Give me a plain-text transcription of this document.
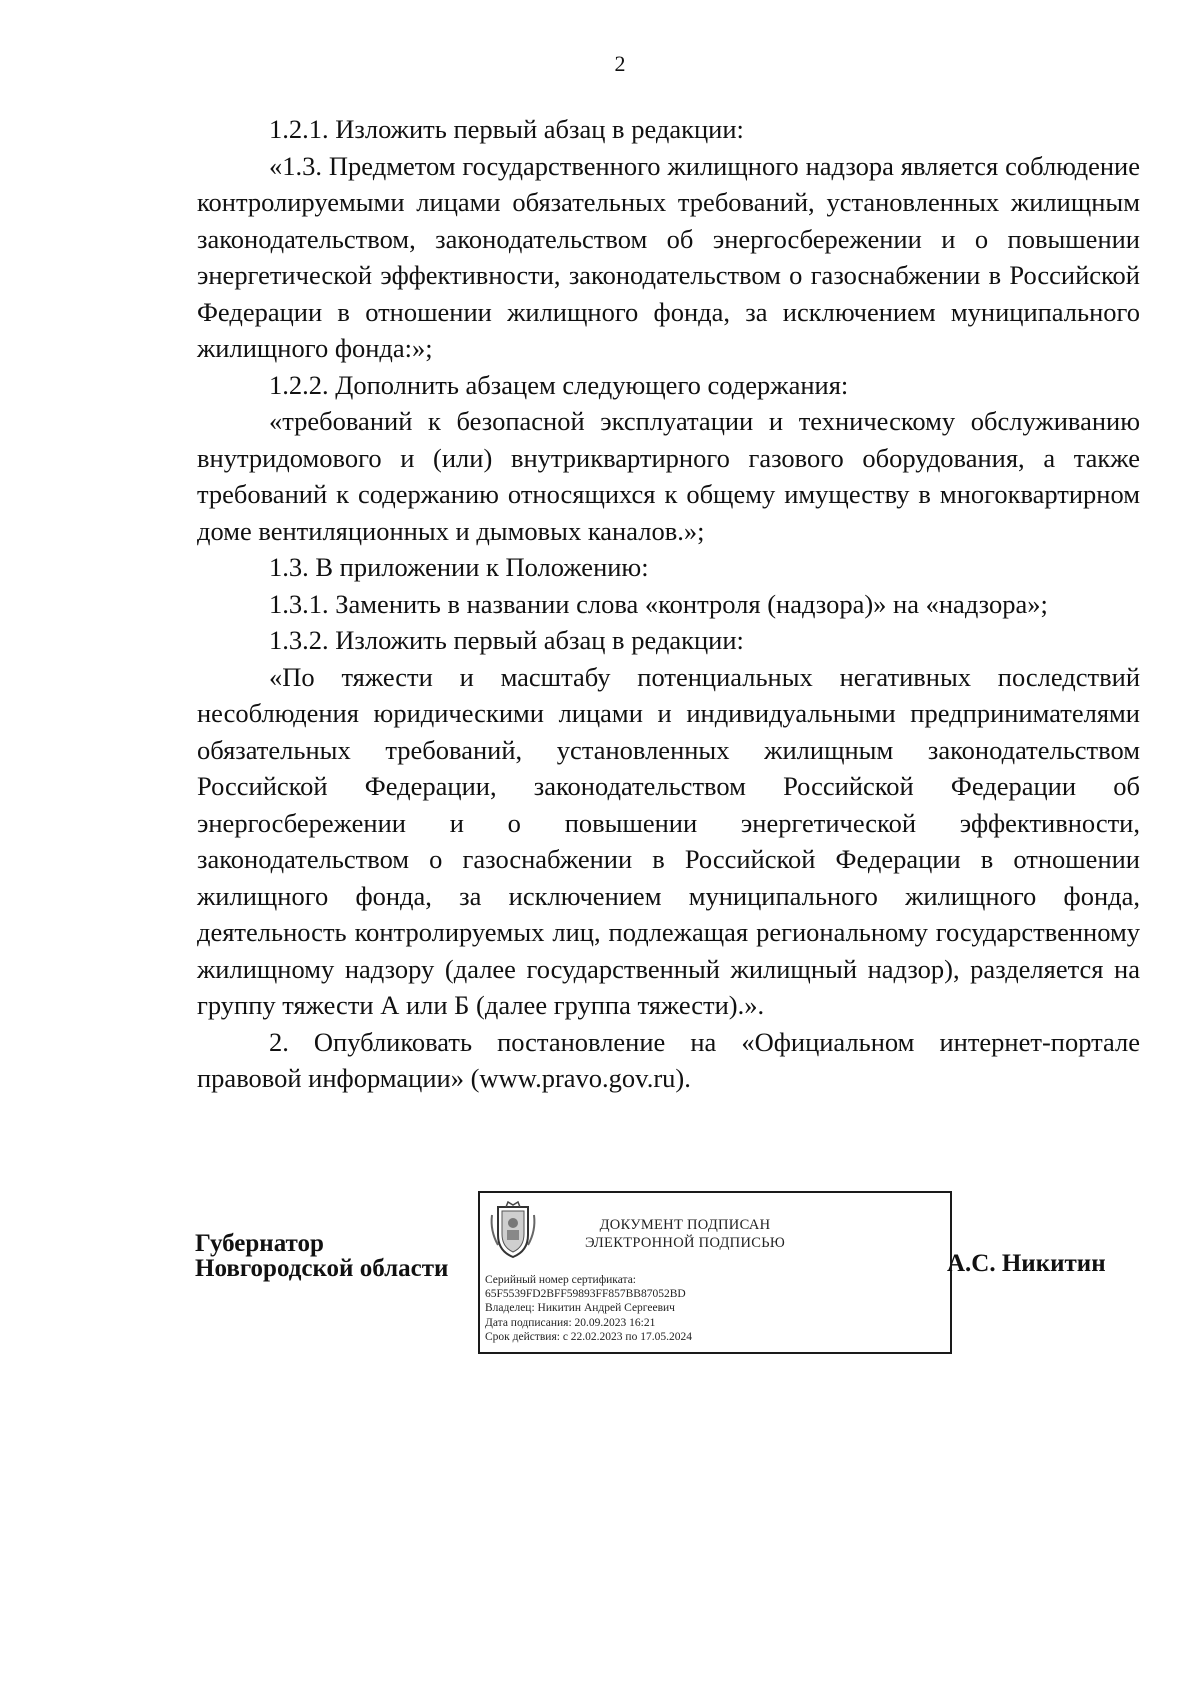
2

1.2.1. Изложить первый абзац в редакции:

«1.3. Предметом государственного жилищного надзора является соблюдение контролируемыми лицами обязательных требований, установленных жилищным законодательством, законодательством об энергосбережении и о повышении энергетической эффективности, законодательством о газоснабжении в Российской Федерации в отношении жилищного фонда, за исключением муниципального жилищного фонда:»;

1.2.2. Дополнить абзацем следующего содержания:

«требований к безопасной эксплуатации и техническому обслуживанию внутридомового и (или) внутриквартирного газового оборудования, а также требований к содержанию относящихся к общему имуществу в многоквартирном доме вентиляционных и дымовых каналов.»;

1.3. В приложении к Положению:

1.3.1. Заменить в названии слова «контроля (надзора)» на «надзора»;

1.3.2. Изложить первый абзац в редакции:

«По тяжести и масштабу потенциальных негативных последствий несоблюдения юридическими лицами и индивидуальными предпринимателями обязательных требований, установленных жилищным законодательством Российской Федерации, законодательством Российской Федерации об энергосбережении и о повышении энергетической эффективности, законодательством о газоснабжении в Российской Федерации в отношении жилищного фонда, за исключением муниципального жилищного фонда, деятельность контролируемых лиц, подлежащая региональному государственному жилищному надзору (далее государственный жилищный надзор), разделяется на группу тяжести А или Б (далее группа тяжести).».

2. Опубликовать постановление на «Официальном интернет-портале правовой информации» (www.pravo.gov.ru).

Губернатор
Новгородской области
ДОКУМЕНТ ПОДПИСАН
ЭЛЕКТРОННОЙ ПОДПИСЬЮ
Серийный номер сертификата:
65F5539FD2BFF59893FF857BB87052BD
Владелец: Никитин Андрей Сергеевич
Дата подписания: 20.09.2023 16:21
Срок действия: с 22.02.2023 по 17.05.2024
А.С. Никитин
